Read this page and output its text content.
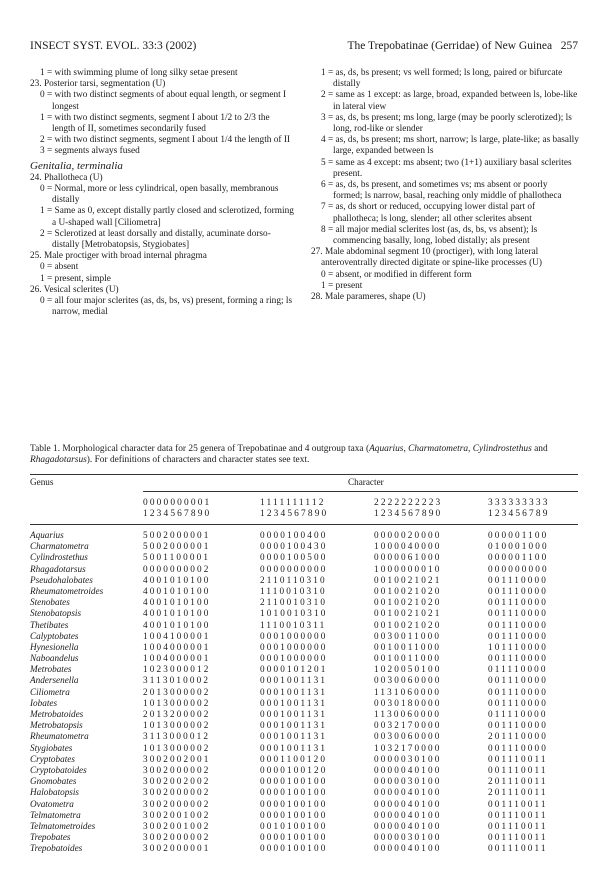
INSECT SYST. EVOL. 33:3 (2002)	The Trepobatinae (Gerridae) of New Guinea 257
1 = with swimming plume of long silky setae present
23. Posterior tarsi, segmentation (U)
0 = with two distinct segments of about equal length, or segment I longest
1 = with two distinct segments, segment I about 1/2 to 2/3 the length of II, sometimes secondarily fused
2 = with two distinct segments, segment I about 1/4 the length of II
3 = segments always fused
Genitalia, terminalia
24. Phallotheca (U)
0 = Normal, more or less cylindrical, open basally, membranous distally
1 = Same as 0, except distally partly closed and sclerotized, forming a U-shaped wall [Ciliometra]
2 = Sclerotized at least dorsally and distally, acuminate dorso-distally [Metrobatopsis, Stygiobates]
25. Male proctiger with broad internal phragma
0 = absent
1 = present, simple
26. Vesical sclerites (U)
0 = all four major sclerites (as, ds, bs, vs) present, forming a ring; ls narrow, medial
1 = as, ds, bs present; vs well formed; ls long, paired or bifurcate distally
2 = same as 1 except: as large, broad, expanded between ls, lobe-like in lateral view
3 = as, ds, bs present; ms long, large (may be poorly sclerotized); ls long, rod-like or slender
4 = as, ds, bs present; ms short, narrow; ls large, plate-like; as basally large, expanded between ls
5 = same as 4 except: ms absent; two (1+1) auxiliary basal sclerites present.
6 = as, ds, bs present, and sometimes vs; ms absent or poorly formed; ls narrow, basal, reaching only middle of phallotheca
7 = as, ds short or reduced, occupying lower distal part of phallotheca; ls long, slender; all other sclerites absent
8 = all major medial sclerites lost (as, ds, bs, vs absent); ls commencing basally, long, lobed distally; als present
27. Male abdominal segment 10 (proctiger), with long lateral anteroventrally directed digitate or spine-like processes (U)
0 = absent, or modified in different form
1 = present
28. Male parameres, shape (U)
Table 1. Morphological character data for 25 genera of Trepobatinae and 4 outgroup taxa (Aquarius, Charmatometra, Cylindrostethus and Rhagadotarsus). For definitions of characters and character states see text.
Genus	Character
0000000001	1111111112	2222222223	333333333
1234567890	1234567890	1234567890	123456789
Aquarius	5002000001	0000100400	0000020000	000001100
Charmatometra	5002000001	0000100430	1000040000	010001000
Cylindrostethus	5001100001	0000100500	0000061000	000001100
Rhagadotarsus	0000000002	0000000000	1000000010	000000000
Pseudohalobates	4001010100	2110110310	0010021021	001110000
Rheumatometroides	4001010100	1110010310	0010021020	001110000
Stenobates	4001010100	2110010310	0010021020	001110000
Stenobatopsis	4001010100	1010010310	0010021021	001110000
Thetibates	4001010100	1110010311	0010021020	001110000
Calyptobates	1004100001	0001000000	0030011000	001110000
Hynesionella	1004000001	0001000000	0010011000	101110000
Naboandelus	1004000001	0001000000	0010011000	001110000
Metrobates	1023000012	0000101201	1020050100	011110000
Andersenella	3113010002	0001001131	0030060000	001110000
Ciliometra	2013000002	0001001131	1131060000	001110000
Iobates	1013000002	0001001131	0030180000	001110000
Metrobatoides	2013200002	0001001131	1130060000	011110000
Metrobatopsis	1013000002	0001001131	0032170000	001110000
Rheumatometra	3113000012	0001001131	0030060000	201110000
Stygiobates	1013000002	0001001131	1032170000	001110000
Cryptobates	3002002001	0001100120	0000030100	001110011
Cryptobatoides	3002000002	0000100120	0000040100	001110011
Gnomobates	3002002002	0000100100	0000030100	201110011
Halobatopsis	3002000002	0000100100	0000040100	201110011
Ovatometra	3002000002	0000100100	0000040100	001110011
Telmatometra	3002001002	0000100100	0000040100	001110011
Telmatometroides	3002001002	0010100100	0000040100	001110011
Trepobates	3002000002	0000100100	0000030100	001110011
Trepobatoides	3002000001	0000100100	0000040100	001110011
